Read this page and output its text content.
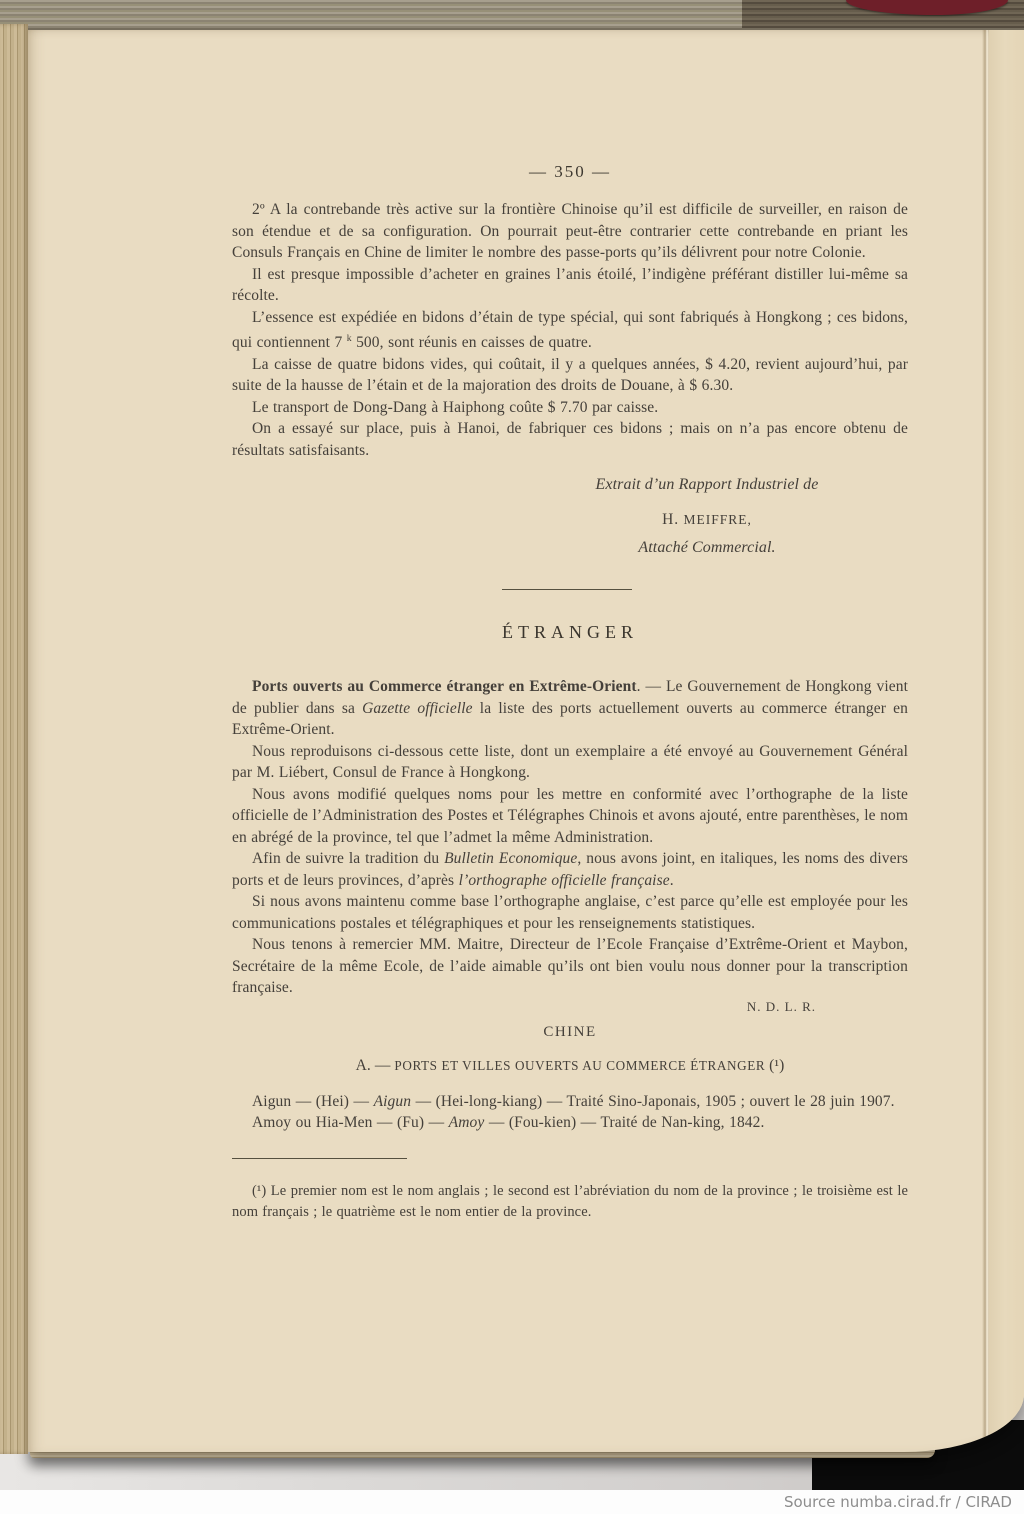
— 350 —

2º A la contrebande très active sur la frontière Chinoise qu’il est difficile de surveiller, en raison de son étendue et de sa configuration. On pourrait peut-être contrarier cette contrebande en priant les Consuls Français en Chine de limiter le nombre des passe-ports qu’ils délivrent pour notre Colonie.

Il est presque impossible d’acheter en graines l’anis étoilé, l’indigène préférant distiller lui-même sa récolte.

L’essence est expédiée en bidons d’étain de type spécial, qui sont fabriqués à Hongkong ; ces bidons, qui contiennent 7 $^k$ 500, sont réunis en caisses de quatre.

La caisse de quatre bidons vides, qui coûtait, il y a quelques années, $ 4.20, revient aujourd’hui, par suite de la hausse de l’étain et de la majoration des droits de Douane, à $ 6.30.

Le transport de Dong-Dang à Haiphong coûte $ 7.70 par caisse.

On a essayé sur place, puis à Hanoi, de fabriquer ces bidons ; mais on n’a pas encore obtenu de résultats satisfaisants.

Extrait d’un Rapport Industriel de
H. MEIFFRE,
Attaché Commercial.
ÉTRANGER

Ports ouverts au Commerce étranger en Extrême-Orient. — Le Gouvernement de Hongkong vient de publier dans sa Gazette officielle la liste des ports actuellement ouverts au commerce étranger en Extrême-Orient.

Nous reproduisons ci-dessous cette liste, dont un exemplaire a été envoyé au Gouvernement Général par M. Liébert, Consul de France à Hongkong.

Nous avons modifié quelques noms pour les mettre en conformité avec l’orthographe de la liste officielle de l’Administration des Postes et Télégraphes Chinois et avons ajouté, entre parenthèses, le nom en abrégé de la province, tel que l’admet la même Administration.

Afin de suivre la tradition du Bulletin Economique, nous avons joint, en italiques, les noms des divers ports et de leurs provinces, d’après l’orthographe officielle française.

Si nous avons maintenu comme base l’orthographe anglaise, c’est parce qu’elle est employée pour les communications postales et télégraphiques et pour les renseignements statistiques.

Nous tenons à remercier MM. Maitre, Directeur de l’Ecole Française d’Extrême-Orient et Maybon, Secrétaire de la même Ecole, de l’aide aimable qu’ils ont bien voulu nous donner pour la transcription française.

N. D. L. R.
CHINE
A. — PORTS ET VILLES OUVERTS AU COMMERCE ÉTRANGER (¹)

Aigun — (Hei) — Aigun — (Hei-long-kiang) — Traité Sino-Japonais, 1905 ; ouvert le 28 juin 1907.

Amoy ou Hia-Men — (Fu) — Amoy — (Fou-kien) — Traité de Nan-king, 1842.

(¹) Le premier nom est le nom anglais ; le second est l’abréviation du nom de la province ; le troisième est le nom français ; le quatrième est le nom entier de la province.

Source numba.cirad.fr / CIRAD
